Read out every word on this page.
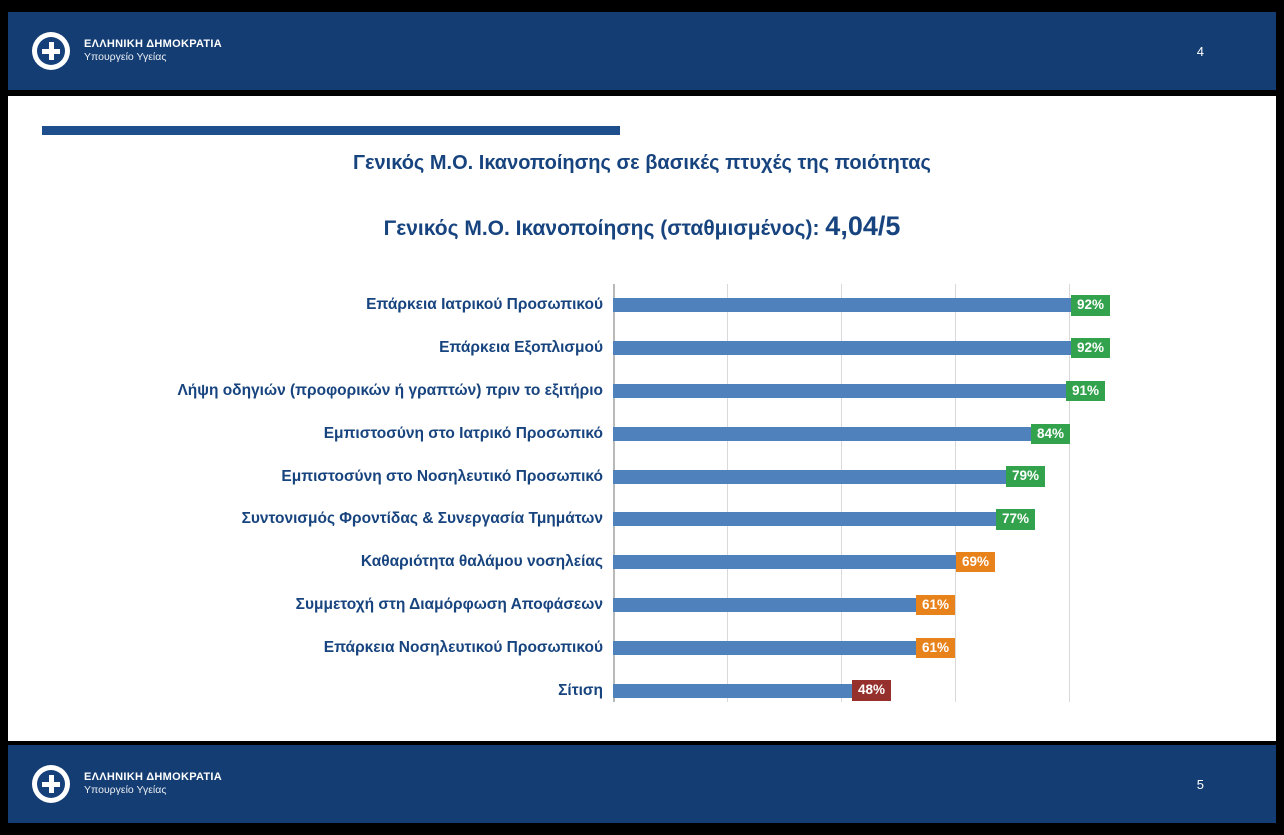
ΕΛΛΗΝΙΚΗ ΔΗΜΟΚΡΑΤΙΑ
Υπουργείο Υγείας	4
Γενικός Μ.Ο. Ικανοποίησης σε βασικές πτυχές της ποιότητας
Γενικός Μ.Ο. Ικανοποίησης (σταθμισμένος): 4,04/5
Επάρκεια Ιατρικού Προσωπικού	92%
Επάρκεια Εξοπλισμού	92%
Λήψη οδηγιών (προφορικών ή γραπτών) πριν το εξιτήριο	91%
Εμπιστοσύνη στο Ιατρικό Προσωπικό	84%
Εμπιστοσύνη στο Νοσηλευτικό Προσωπικό	79%
Συντονισμός Φροντίδας & Συνεργασία Τμημάτων	77%
Καθαριότητα θαλάμου νοσηλείας	69%
Συμμετοχή στη Διαμόρφωση Αποφάσεων	61%
Επάρκεια Νοσηλευτικού Προσωπικού	61%
Σίτιση	48%
ΕΛΛΗΝΙΚΗ ΔΗΜΟΚΡΑΤΙΑ
Υπουργείο Υγείας	5
